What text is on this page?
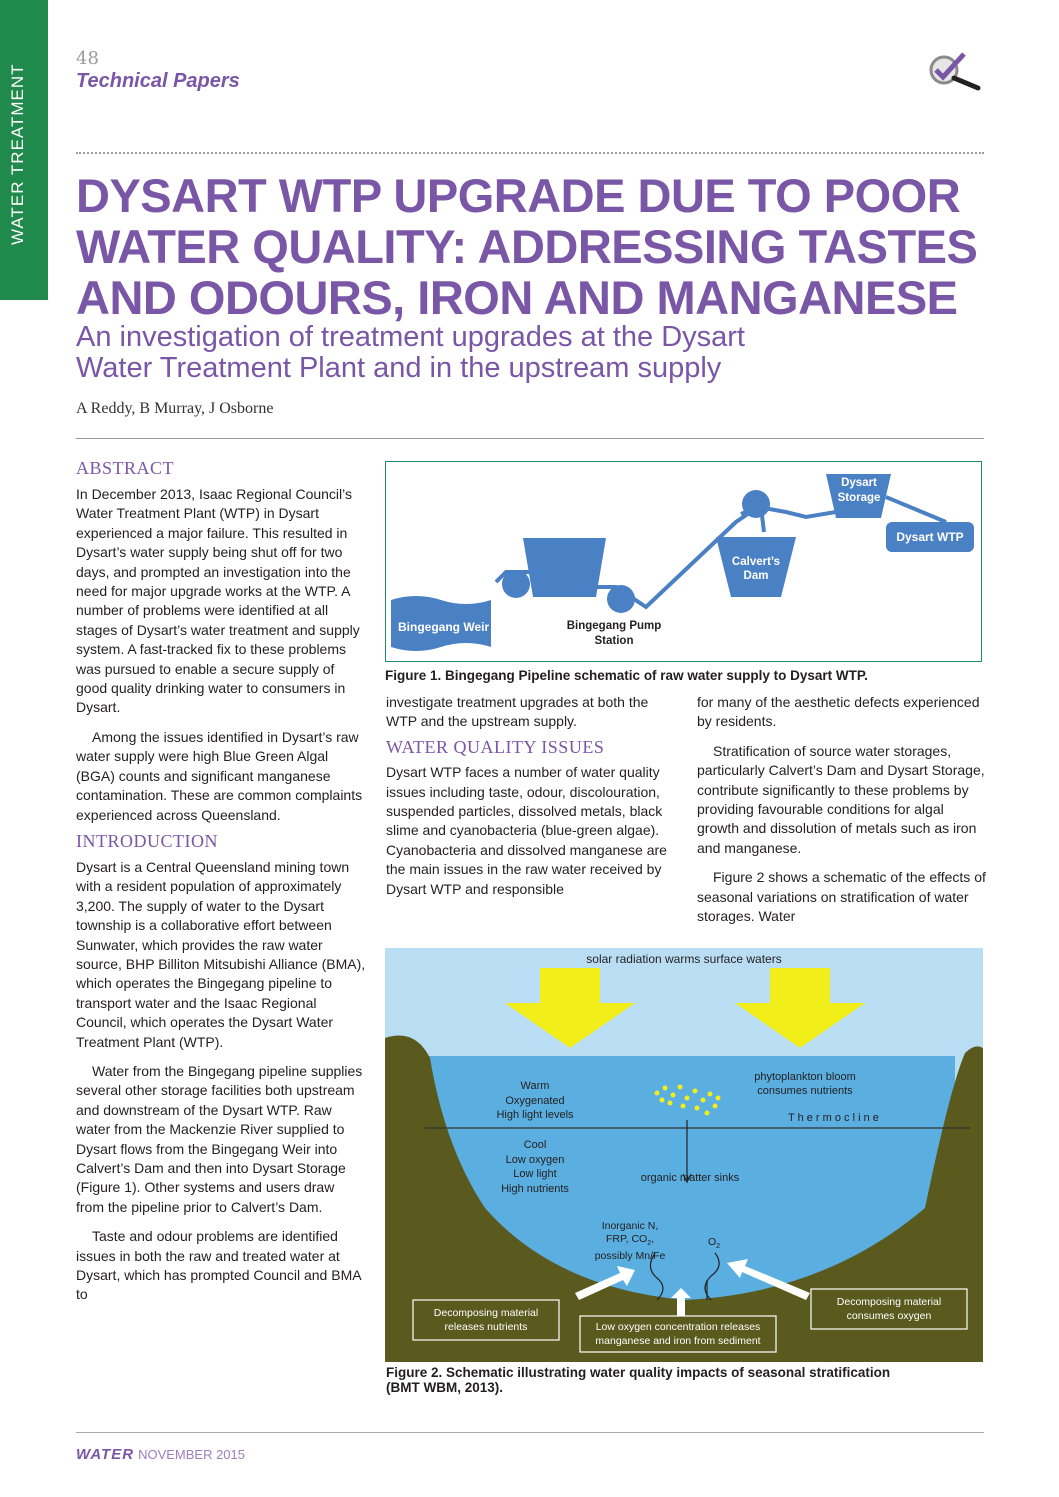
WATER TREATMENT
48
Technical Papers
DYSART WTP UPGRADE DUE TO POOR
WATER QUALITY: ADDRESSING TASTES
AND ODOURS, IRON AND MANGANESE
An investigation of treatment upgrades at the Dysart
Water Treatment Plant and in the upstream supply
A Reddy, B Murray, J Osborne
ABSTRACT

In December 2013, Isaac Regional Council’s Water Treatment Plant (WTP) in Dysart experienced a major failure. This resulted in Dysart’s water supply being shut off for two days, and prompted an investigation into the need for major upgrade works at the WTP. A number of problems were identified at all stages of Dysart’s water treatment and supply system. A fast-tracked fix to these problems was pursued to enable a secure supply of good quality drinking water to consumers in Dysart.

Among the issues identified in Dysart’s raw water supply were high Blue Green Algal (BGA) counts and significant manganese contamination. These are common complaints experienced across Queensland.

INTRODUCTION

Dysart is a Central Queensland mining town with a resident population of approximately 3,200. The supply of water to the Dysart township is a collaborative effort between Sunwater, which provides the raw water source, BHP Billiton Mitsubishi Alliance (BMA), which operates the Bingegang pipeline to transport water and the Isaac Regional Council, which operates the Dysart Water Treatment Plant (WTP).

Water from the Bingegang pipeline supplies several other storage facilities both upstream and downstream of the Dysart WTP. Raw water from the Mackenzie River supplied to Dysart flows from the Bingegang Weir into Calvert’s Dam and then into Dysart Storage (Figure 1). Other systems and users draw from the pipeline prior to Calvert’s Dam.

Taste and odour problems are identified issues in both the raw and treated water at Dysart, which has prompted Council and BMA to

Bingegang Weir	Bingegang Pump Station
Calvert’s Dam
Dysart Storage
Dysart WTP
Figure 1. Bingegang Pipeline schematic of raw water supply to Dysart WTP.

investigate treatment upgrades at both the WTP and the upstream supply.

WATER QUALITY ISSUES

Dysart WTP faces a number of water quality issues including taste, odour, discolouration, suspended particles, dissolved metals, black slime and cyanobacteria (blue-green algae). Cyanobacteria and dissolved manganese are the main issues in the raw water received by Dysart WTP and responsible

for many of the aesthetic defects experienced by residents.

Stratification of source water storages, particularly Calvert’s Dam and Dysart Storage, contribute significantly to these problems by providing favourable conditions for algal growth and dissolution of metals such as iron and manganese.

Figure 2 shows a schematic of the effects of seasonal variations on stratification of water storages. Water

solar radiation warms surface waters
phytoplankton bloom
consumes nutrients
Warm
Oxygenated
High light levels	T h e r m o c l i n e
Cool
Low oxygen
Low light
High nutrients
organic matter sinks
Inorganic N,
FRP, $CO_2$,
possibly Mn/Fe
$O_2$
Decomposing material
releases nutrients	Low oxygen concentration releases
manganese and iron from sediment
Decomposing material
consumes oxygen
Figure 2. Schematic illustrating water quality impacts of seasonal stratification
(BMT WBM, 2013).
WATER NOVEMBER 2015
